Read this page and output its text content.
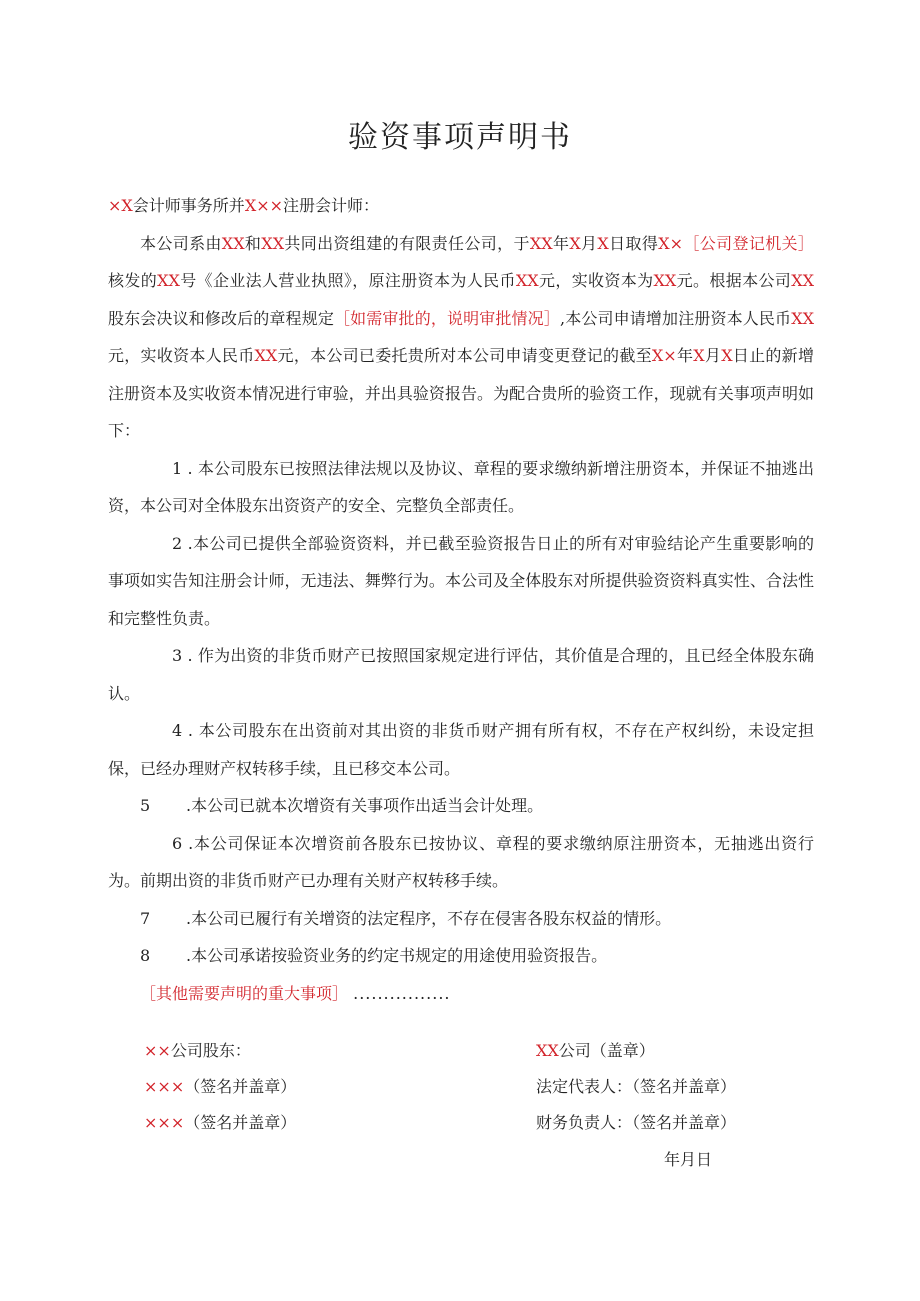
验资事项声明书

×X会计师事务所并X××注册会计师：

本公司系由XX和XX共同出资组建的有限责任公司，于XX年X月X日取得X×［公司登记机关］核发的XX号《企业法人营业执照》，原注册资本为人民币XX元，实收资本为XX元。根据本公司XX股东会决议和修改后的章程规定［如需审批的，说明审批情况］,本公司申请增加注册资本人民币XX元，实收资本人民币XX元，本公司已委托贵所对本公司申请变更登记的截至X×年X月X日止的新增注册资本及实收资本情况进行审验，并出具验资报告。为配合贵所的验资工作，现就有关事项声明如下：

1 . 本公司股东已按照法律法规以及协议、章程的要求缴纳新增注册资本，并保证不抽逃出资，本公司对全体股东出资资产的安全、完整负全部责任。

2 .本公司已提供全部验资资料，并已截至验资报告日止的所有对审验结论产生重要影响的事项如实告知注册会计师，无违法、舞弊行为。本公司及全体股东对所提供验资资料真实性、合法性和完整性负责。

3 . 作为出资的非货币财产已按照国家规定进行评估，其价值是合理的，且已经全体股东确认。

4 . 本公司股东在出资前对其出资的非货币财产拥有所有权，不存在产权纠纷，未设定担保，已经办理财产权转移手续，且已移交本公司。

5 .本公司已就本次增资有关事项作出适当会计处理。

6 .本公司保证本次增资前各股东已按协议、章程的要求缴纳原注册资本，无抽逃出资行为。前期出资的非货币财产已办理有关财产权转移手续。

7 .本公司已履行有关增资的法定程序，不存在侵害各股东权益的情形。

8 .本公司承诺按验资业务的约定书规定的用途使用验资报告。

［其他需要声明的重大事项］ ................

××公司股东：
×××（签名并盖章）
×××（签名并盖章）
XX公司（盖章）
法定代表人：（签名并盖章）
财务负责人：（签名并盖章）
年月日
